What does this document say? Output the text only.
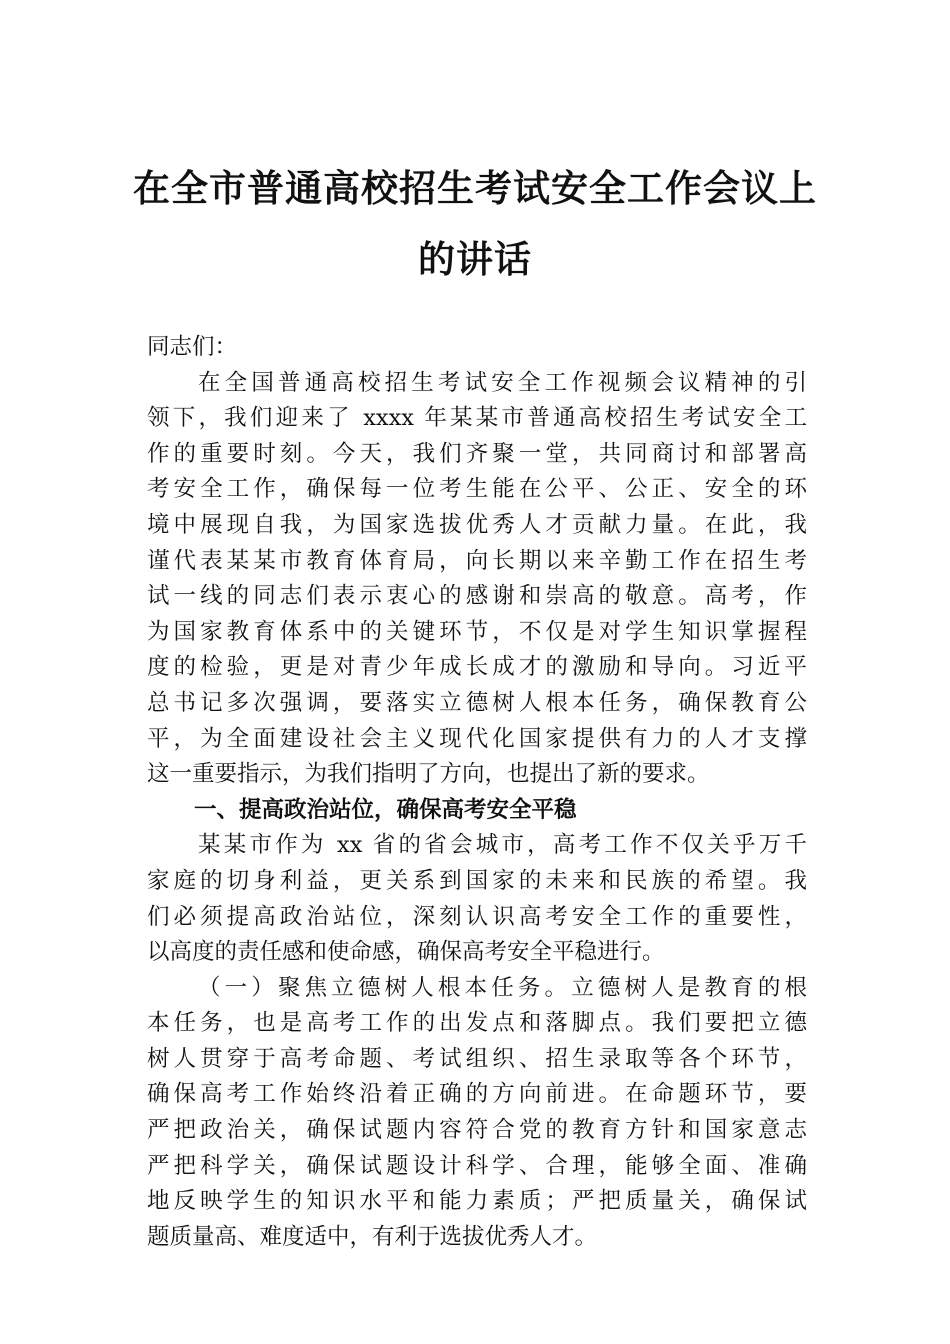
在全市普通高校招生考试安全工作会议上
的讲话

同志们：

在全国普通高校招生考试安全工作视频会议精神的引
领下，我们迎来了 xxxx 年某某市普通高校招生考试安全工
作的重要时刻。今天，我们齐聚一堂，共同商讨和部署高
考安全工作，确保每一位考生能在公平、公正、安全的环
境中展现自我，为国家选拔优秀人才贡献力量。在此，我
谨代表某某市教育体育局，向长期以来辛勤工作在招生考
试一线的同志们表示衷心的感谢和崇高的敬意。高考，作
为国家教育体系中的关键环节，不仅是对学生知识掌握程
度的检验，更是对青少年成长成才的激励和导向。习近平
总书记多次强调，要落实立德树人根本任务，确保教育公
平，为全面建设社会主义现代化国家提供有力的人才支撑
这一重要指示，为我们指明了方向，也提出了新的要求。

一、提高政治站位，确保高考安全平稳

某某市作为 xx 省的省会城市，高考工作不仅关乎万千
家庭的切身利益，更关系到国家的未来和民族的希望。我
们必须提高政治站位，深刻认识高考安全工作的重要性，
以高度的责任感和使命感，确保高考安全平稳进行。

（一）聚焦立德树人根本任务。立德树人是教育的根
本任务，也是高考工作的出发点和落脚点。我们要把立德
树人贯穿于高考命题、考试组织、招生录取等各个环节，
确保高考工作始终沿着正确的方向前进。在命题环节，要
严把政治关，确保试题内容符合党的教育方针和国家意志
严把科学关，确保试题设计科学、合理，能够全面、准确
地反映学生的知识水平和能力素质；严把质量关，确保试
题质量高、难度适中，有利于选拔优秀人才。
